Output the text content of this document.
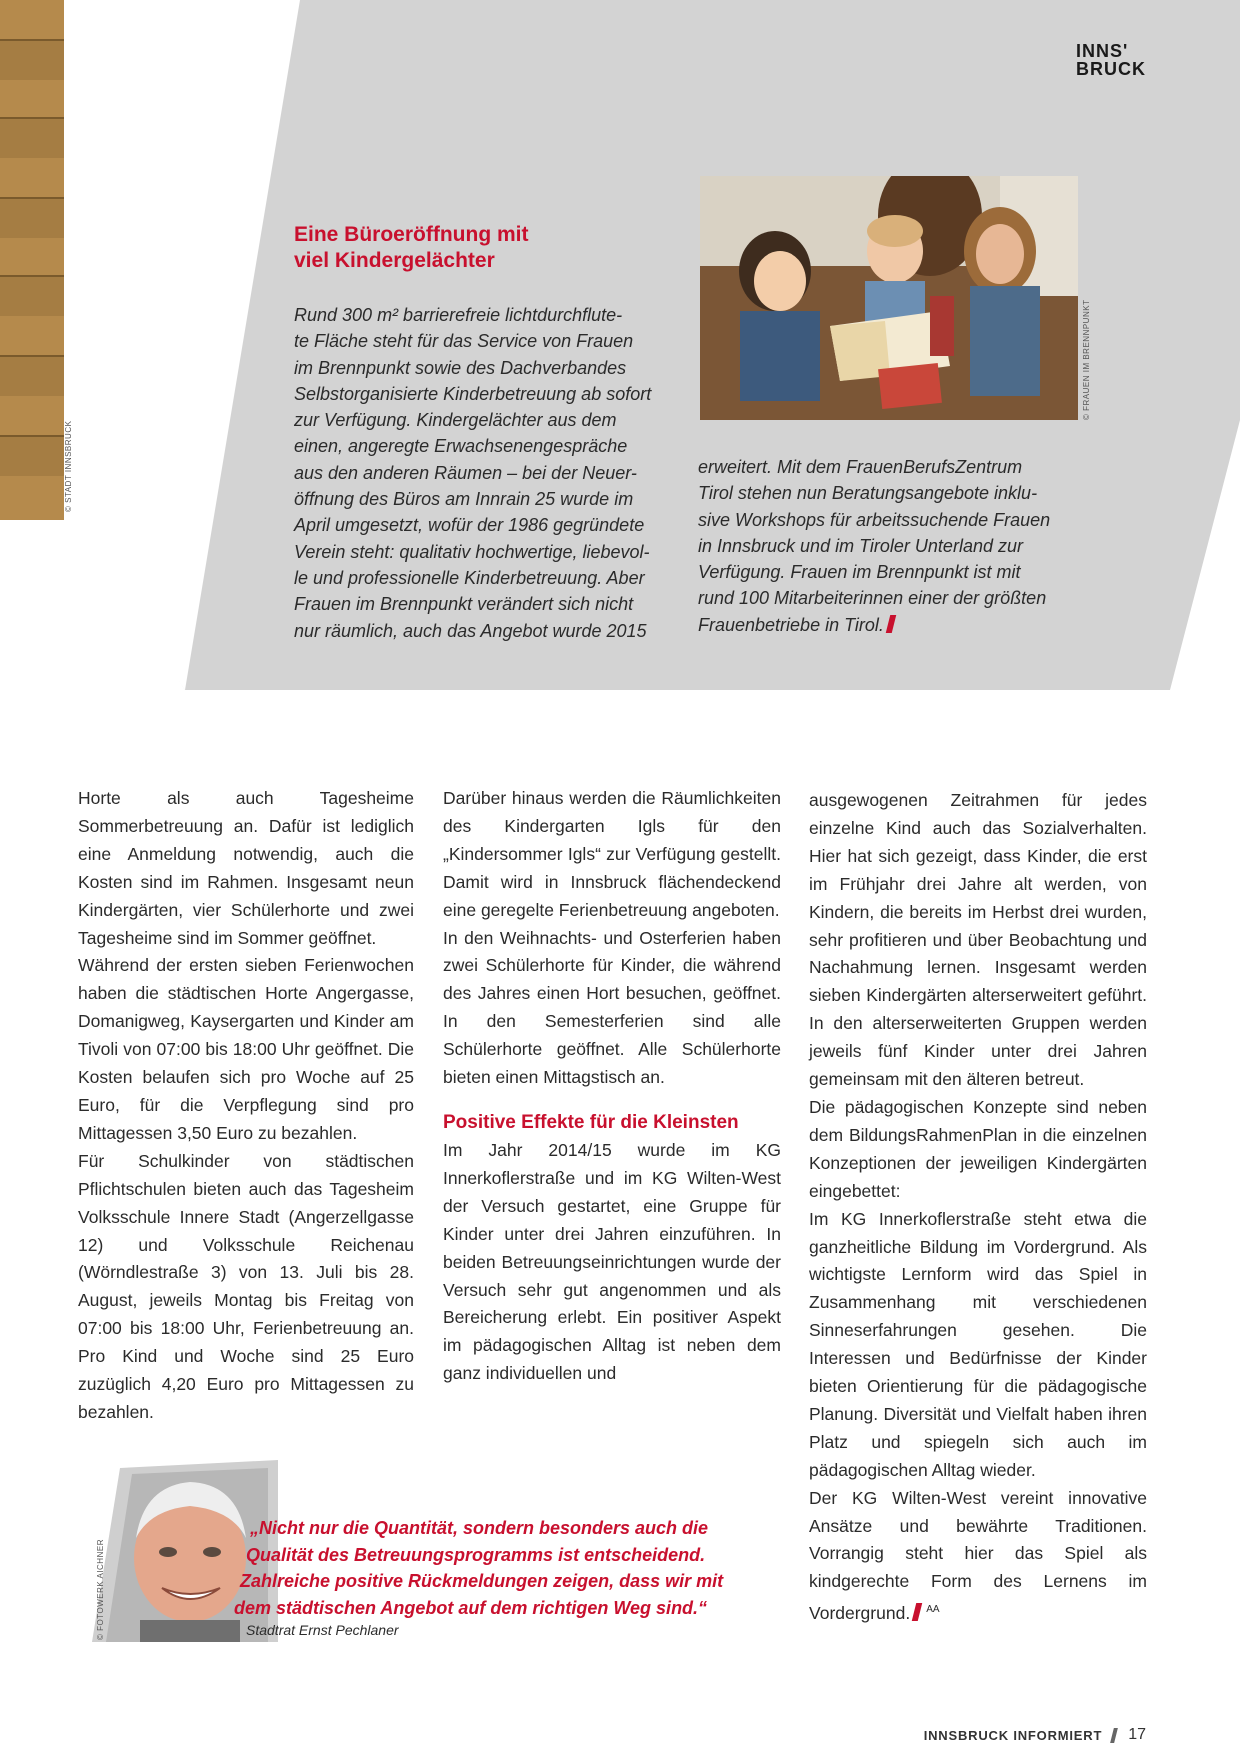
© STADT INNSBRUCK
INNS'
BRUCK
Eine Büroeröffnung mit
viel Kindergelächter
Rund 300 m² barrierefreie lichtdurchflute-
te Fläche steht für das Service von Frauen
im Brennpunkt sowie des Dachverbandes
Selbstorganisierte Kinderbetreuung ab sofort
zur Verfügung. Kindergelächter aus dem
einen, angeregte Erwachsenengespräche
aus den anderen Räumen – bei der Neuer-
öffnung des Büros am Innrain 25 wurde im
April umgesetzt, wofür der 1986 gegründete
Verein steht: qualitativ hochwertige, liebevol-
le und professionelle Kinderbetreuung. Aber
Frauen im Brennpunkt verändert sich nicht
nur räumlich, auch das Angebot wurde 2015
© FRAUEN IM BRENNPUNKT
erweitert. Mit dem FrauenBerufsZentrum
Tirol stehen nun Beratungsangebote inklu-
sive Workshops für arbeitssuchende Frauen
in Innsbruck und im Tiroler Unterland zur
Verfügung. Frauen im Brennpunkt ist mit
rund 100 Mitarbeiterinnen einer der größten
Frauenbetriebe in Tirol.

Horte als auch Tagesheime Sommerbetreuung an. Dafür ist lediglich eine Anmeldung notwendig, auch die Kosten sind im Rahmen. Insgesamt neun Kindergärten, vier Schülerhorte und zwei Tagesheime sind im Sommer geöffnet.

Während der ersten sieben Ferienwochen haben die städtischen Horte Angergasse, Domanigweg, Kaysergarten und Kinder am Tivoli von 07:00 bis 18:00 Uhr geöffnet. Die Kosten belaufen sich pro Woche auf 25 Euro, für die Verpflegung sind pro Mittagessen 3,50 Euro zu bezahlen.

Für Schulkinder von städtischen Pflichtschulen bieten auch das Tagesheim Volksschule Innere Stadt (Angerzellgasse 12) und Volksschule Reichenau (Wörndlestraße 3) von 13. Juli bis 28. August, jeweils Montag bis Freitag von 07:00 bis 18:00 Uhr, Ferienbetreuung an. Pro Kind und Woche sind 25 Euro zuzüglich 4,20 Euro pro Mittagessen zu bezahlen.

Darüber hinaus werden die Räumlichkeiten des Kindergarten Igls für den „Kindersommer Igls“ zur Verfügung gestellt. Damit wird in Innsbruck flächendeckend eine geregelte Ferienbetreuung angeboten.

In den Weihnachts- und Osterferien haben zwei Schülerhorte für Kinder, die während des Jahres einen Hort besuchen, geöffnet. In den Semesterferien sind alle Schülerhorte geöffnet. Alle Schülerhorte bieten einen Mittagstisch an.

Positive Effekte für die Kleinsten

Im Jahr 2014/15 wurde im KG Innerkoflerstraße und im KG Wilten-West der Versuch gestartet, eine Gruppe für Kinder unter drei Jahren einzuführen. In beiden Betreuungseinrichtungen wurde der Versuch sehr gut angenommen und als Bereicherung erlebt. Ein positiver Aspekt im pädagogischen Alltag ist neben dem ganz individuellen und

ausgewogenen Zeitrahmen für jedes einzelne Kind auch das Sozialverhalten. Hier hat sich gezeigt, dass Kinder, die erst im Frühjahr drei Jahre alt werden, von Kindern, die bereits im Herbst drei wurden, sehr profitieren und über Beobachtung und Nachahmung lernen. Insgesamt werden sieben Kindergärten alterserweitert geführt. In den alterserweiterten Gruppen werden jeweils fünf Kinder unter drei Jahren gemeinsam mit den älteren betreut.

Die pädagogischen Konzepte sind neben dem BildungsRahmenPlan in die einzelnen Konzeptionen der jeweiligen Kindergärten eingebettet:

Im KG Innerkoflerstraße steht etwa die ganzheitliche Bildung im Vordergrund. Als wichtigste Lernform wird das Spiel in Zusammenhang mit verschiedenen Sinneserfahrungen gesehen. Die Interessen und Bedürfnisse der Kinder bieten Orientierung für die pädagogische Planung. Diversität und Vielfalt haben ihren Platz und spiegeln sich auch im pädagogischen Alltag wieder.

Der KG Wilten-West vereint innovative Ansätze und bewährte Traditionen. Vorrangig steht hier das Spiel als kindgerechte Form des Lernens im Vordergrund. $^{AA}$

© FOTOWERK AICHNER
„Nicht nur die Quantität, sondern besonders auch die
Qualität des Betreuungsprogramms ist entscheidend.
Zahlreiche positive Rückmeldungen zeigen, dass wir mit
dem städtischen Angebot auf dem richtigen Weg sind.“
Stadtrat Ernst Pechlaner
INNSBRUCK INFORMIERT 17
